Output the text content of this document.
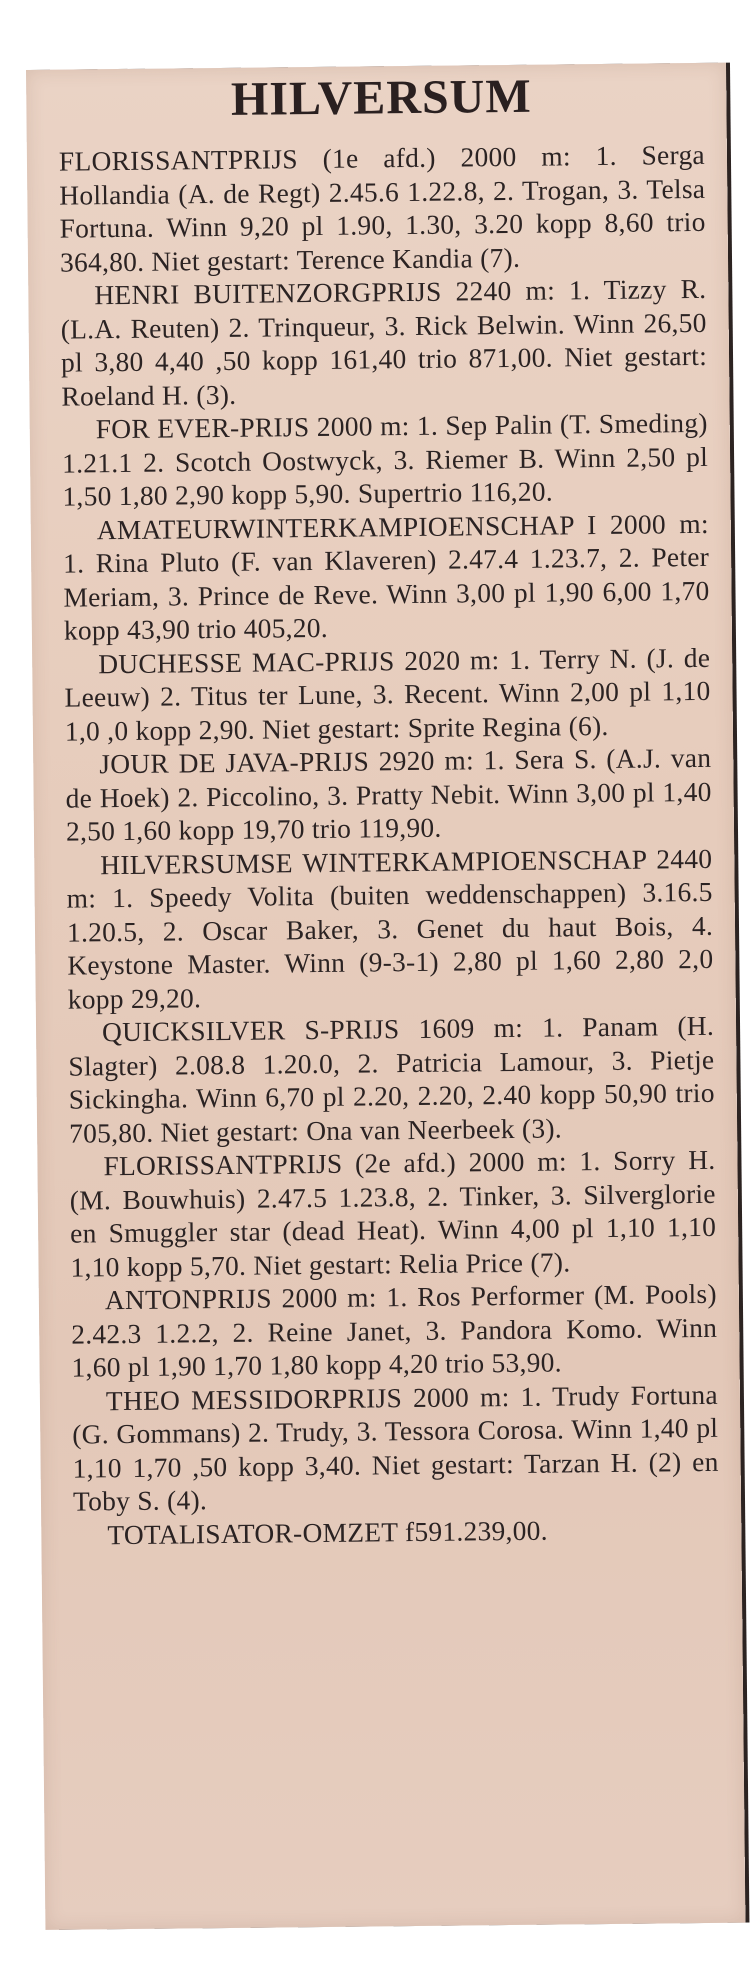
HILVERSUM

FLORISSANTPRIJS (1e afd.) 2000 m: 1. Serga Hollandia (A. de Regt) 2.45.6 1.22.8, 2. Trogan, 3. Telsa Fortuna. Winn 9,20 pl 1.90, 1.30, 3.20 kopp 8,60 trio 364,80. Niet gestart: Terence Kandia (7).

HENRI BUITENZORGPRIJS 2240 m: 1. Tizzy R. (L.A. Reuten) 2. Trinqueur, 3. Rick Belwin. Winn 26,50 pl 3,80 4,40 ,50 kopp 161,40 trio 871,00. Niet gestart: Roeland H. (3).

FOR EVER-PRIJS 2000 m: 1. Sep Palin (T. Smeding) 1.21.1 2. Scotch Oostwyck, 3. Riemer B. Winn 2,50 pl 1,50 1,80 2,90 kopp 5,90. Supertrio 116,20.

AMATEURWINTERKAMPIOENSCHAP I 2000 m: 1. Rina Pluto (F. van Klaveren) 2.47.4 1.23.7, 2. Peter Meriam, 3. Prince de Reve. Winn 3,00 pl 1,90 6,00 1,70 kopp 43,90 trio 405,20.

DUCHESSE MAC-PRIJS 2020 m: 1. Terry N. (J. de Leeuw) 2. Titus ter Lune, 3. Recent. Winn 2,00 pl 1,10 1,0 ,0 kopp 2,90. Niet gestart: Sprite Regina (6).

JOUR DE JAVA-PRIJS 2920 m: 1. Sera S. (A.J. van de Hoek) 2. Piccolino, 3. Pratty Nebit. Winn 3,00 pl 1,40 2,50 1,60 kopp 19,70 trio 119,90.

HILVERSUMSE WINTERKAMPIOENSCHAP 2440 m: 1. Speedy Volita (buiten weddenschappen) 3.16.5 1.20.5, 2. Oscar Baker, 3. Genet du haut Bois, 4. Keystone Master. Winn (9-3-1) 2,80 pl 1,60 2,80 2,0 kopp 29,20.

QUICKSILVER S-PRIJS 1609 m: 1. Panam (H. Slagter) 2.08.8 1.20.0, 2. Patricia Lamour, 3. Pietje Sickingha. Winn 6,70 pl 2.20, 2.20, 2.40 kopp 50,90 trio 705,80. Niet gestart: Ona van Neerbeek (3).

FLORISSANTPRIJS (2e afd.) 2000 m: 1. Sorry H. (M. Bouwhuis) 2.47.5 1.23.8, 2. Tinker, 3. Silverglorie en Smuggler star (dead Heat). Winn 4,00 pl 1,10 1,10 1,10 kopp 5,70. Niet gestart: Relia Price (7).

ANTONPRIJS 2000 m: 1. Ros Performer (M. Pools) 2.42.3 1.2.2, 2. Reine Janet, 3. Pandora Komo. Winn 1,60 pl 1,90 1,70 1,80 kopp 4,20 trio 53,90.

THEO MESSIDORPRIJS 2000 m: 1. Trudy Fortuna (G. Gommans) 2. Trudy, 3. Tessora Corosa. Winn 1,40 pl 1,10 1,70 ,50 kopp 3,40. Niet gestart: Tarzan H. (2) en Toby S. (4).

TOTALISATOR-OMZET f591.239,00.
